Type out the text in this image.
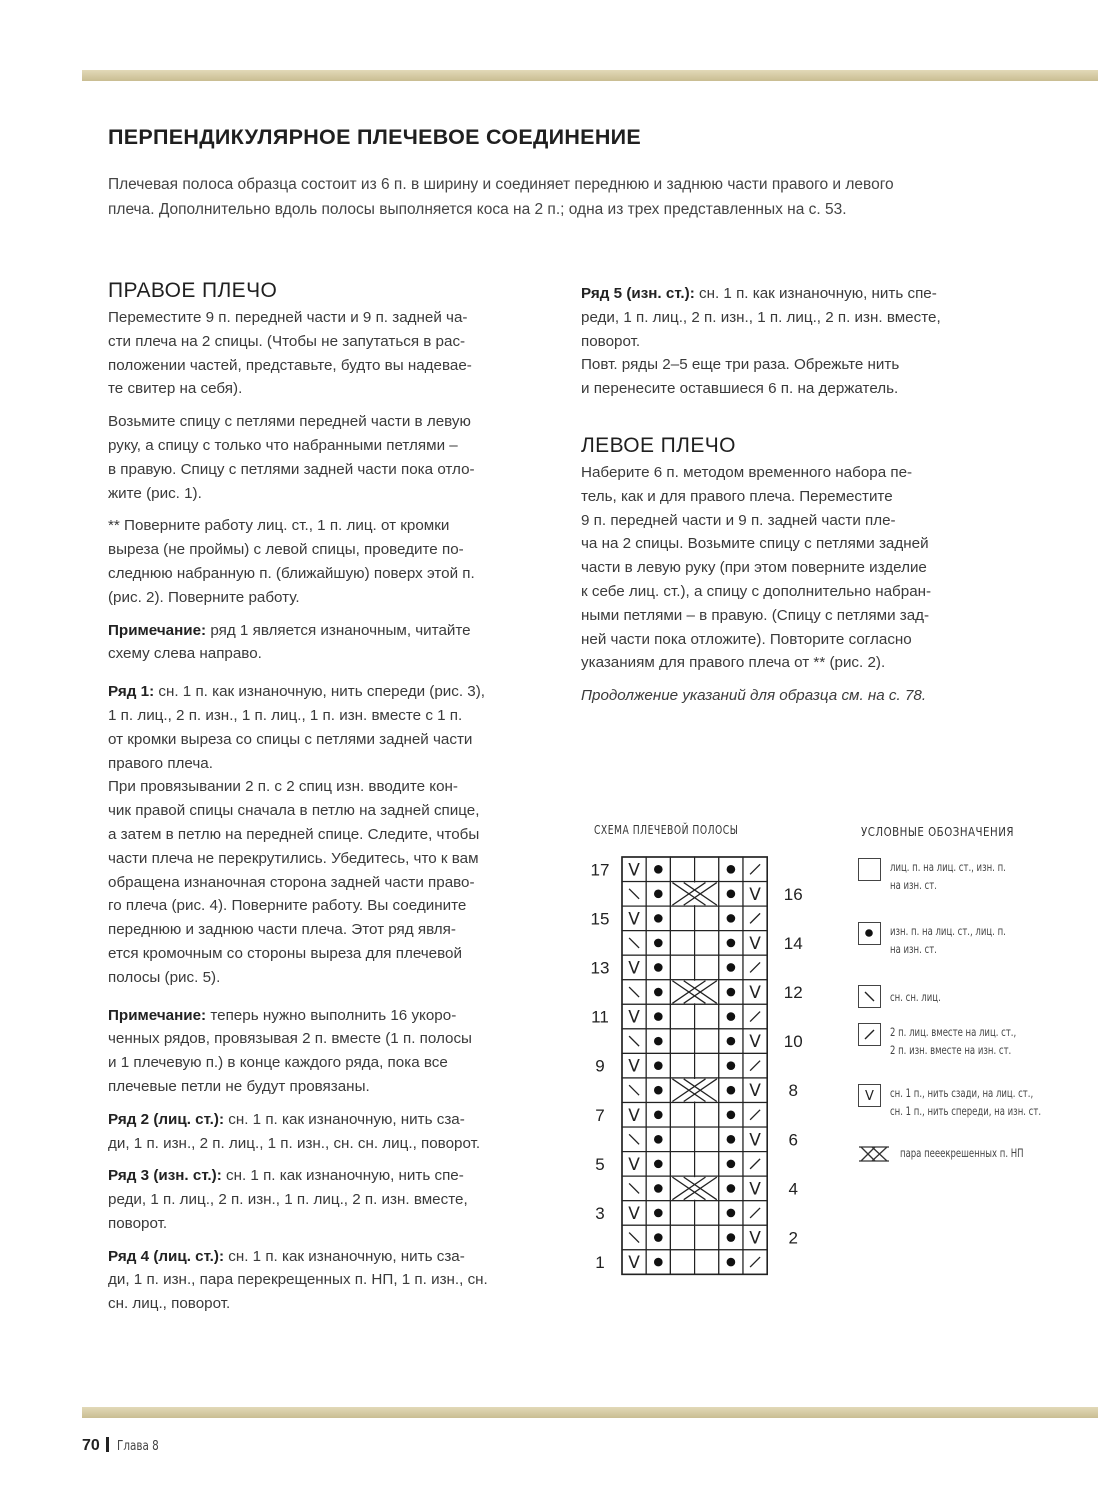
ПЕРПЕНДИКУЛЯРНОЕ ПЛЕЧЕВОЕ СОЕДИНЕНИЕ
Плечевая полоса образца состоит из 6 п. в ширину и соединяет переднюю и заднюю части правого и левого
плеча. Дополнительно вдоль полосы выполняется коса на 2 п.; одна из трех представленных на с. 53.
ПРАВОЕ ПЛЕЧО
Переместите 9 п. передней части и 9 п. задней ча-
сти плеча на 2 спицы. (Чтобы не запутаться в рас-
положении частей, представьте, будто вы надевае-
те свитер на себя).
Возьмите спицу с петлями передней части в левую
руку, а спицу с только что набранными петлями –
в правую. Спицу с петлями задней части пока отло-
жите (рис. 1).
** Поверните работу лиц. ст., 1 п. лиц. от кромки
выреза (не проймы) с левой спицы, проведите по-
следнюю набранную п. (ближайшую) поверх этой п.
(рис. 2). Поверните работу.
Примечание: ряд 1 является изнаночным, читайте
схему слева направо.
Ряд 1: сн. 1 п. как изнаночную, нить спереди (рис. 3),
1 п. лиц., 2 п. изн., 1 п. лиц., 1 п. изн. вместе с 1 п.
от кромки выреза со спицы с петлями задней части
правого плеча.
При провязывании 2 п. с 2 спиц изн. вводите кон-
чик правой спицы сначала в петлю на задней спице,
а затем в петлю на передней спице. Следите, чтобы
части плеча не перекрутились. Убедитесь, что к вам
обращена изнаночная сторона задней части право-
го плеча (рис. 4). Поверните работу. Вы соедините
переднюю и заднюю части плеча. Этот ряд явля-
ется кромочным со стороны выреза для плечевой
полосы (рис. 5).
Примечание: теперь нужно выполнить 16 укоро-
ченных рядов, провязывая 2 п. вместе (1 п. полосы
и 1 плечевую п.) в конце каждого ряда, пока все
плечевые петли не будут провязаны.
Ряд 2 (лиц. ст.): сн. 1 п. как изнаночную, нить сза-
ди, 1 п. изн., 2 п. лиц., 1 п. изн., сн. сн. лиц., поворот.
Ряд 3 (изн. ст.): сн. 1 п. как изнаночную, нить спе-
реди, 1 п. лиц., 2 п. изн., 1 п. лиц., 2 п. изн. вместе,
поворот.
Ряд 4 (лиц. ст.): сн. 1 п. как изнаночную, нить сза-
ди, 1 п. изн., пара перекрещенных п. НП, 1 п. изн., сн.
сн. лиц., поворот.
Ряд 5 (изн. ст.): сн. 1 п. как изнаночную, нить спе-
реди, 1 п. лиц., 2 п. изн., 1 п. лиц., 2 п. изн. вместе,
поворот.
Повт. ряды 2–5 еще три раза. Обрежьте нить
и перенесите оставшиеся 6 п. на держатель.
ЛЕВОЕ ПЛЕЧО
Наберите 6 п. методом временного набора пе-
тель, как и для правого плеча. Переместите
9 п. передней части и 9 п. задней части пле-
ча на 2 спицы. Возьмите спицу с петлями задней
части в левую руку (при этом поверните изделие
к себе лиц. ст.), а спицу с дополнительно набран-
ными петлями – в правую. (Спицу с петлями зад-
ней части пока отложите). Повторите согласно
указаниям для правого плеча от ** (рис. 2).
Продолжение указаний для образца см. на с. 78.
СХЕМА ПЛЕЧЕВОЙ ПОЛОСЫ
V
17
V 16
V
15
V 14
V
13
V 12
V
11
V 10
V
9
V 8
V
7
V 6
V
5
V 4
V
3
V 2
V
1
УСЛОВНЫЕ ОБОЗНАЧЕНИЯ
лиц. п. на лиц. ст., изн. п.
на изн. ст.
изн. п. на лиц. ст., лиц. п.
на изн. ст.
сн. сн. лиц.
2 п. лиц. вместе на лиц. ст.,
2 п. изн. вместе на изн. ст.
V сн. 1 п., нить сзади, на лиц. ст.,
сн. 1 п., нить спереди, на изн. ст.
пара пееекрешенных п. НП
70 Глава 8
